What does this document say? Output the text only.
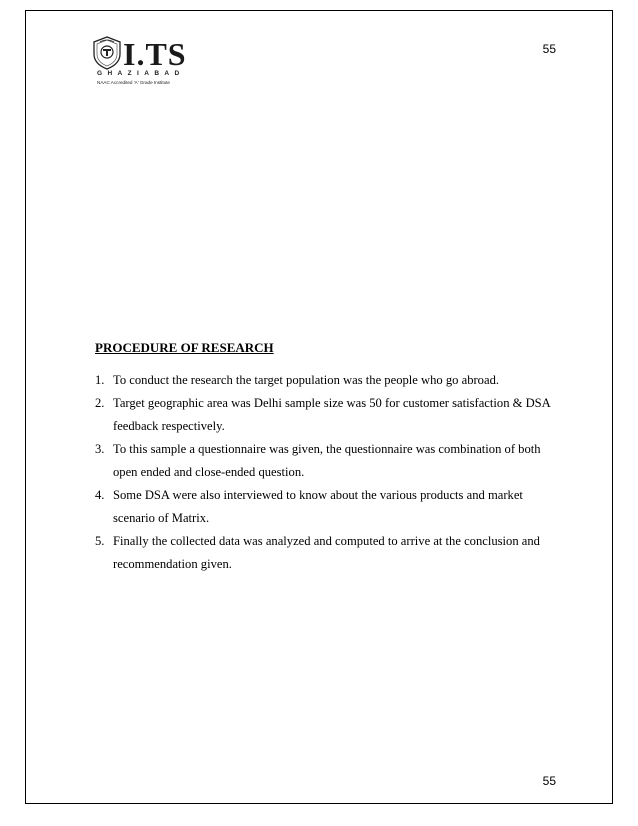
55
I.TS
GHAZIABAD
NAAC Accredited 'A' Grade Institute
PROCEDURE OF RESEARCH
1. To conduct the research the target population was the people who go abroad.
2. Target geographic area was Delhi sample size was 50 for customer satisfaction & DSA feedback respectively.
3. To this sample a questionnaire was given, the questionnaire was combination of both open ended and close-ended question.
4. Some DSA were also interviewed to know about the various products and market scenario of Matrix.
5. Finally the collected data was analyzed and computed to arrive at the conclusion and recommendation given.
55
